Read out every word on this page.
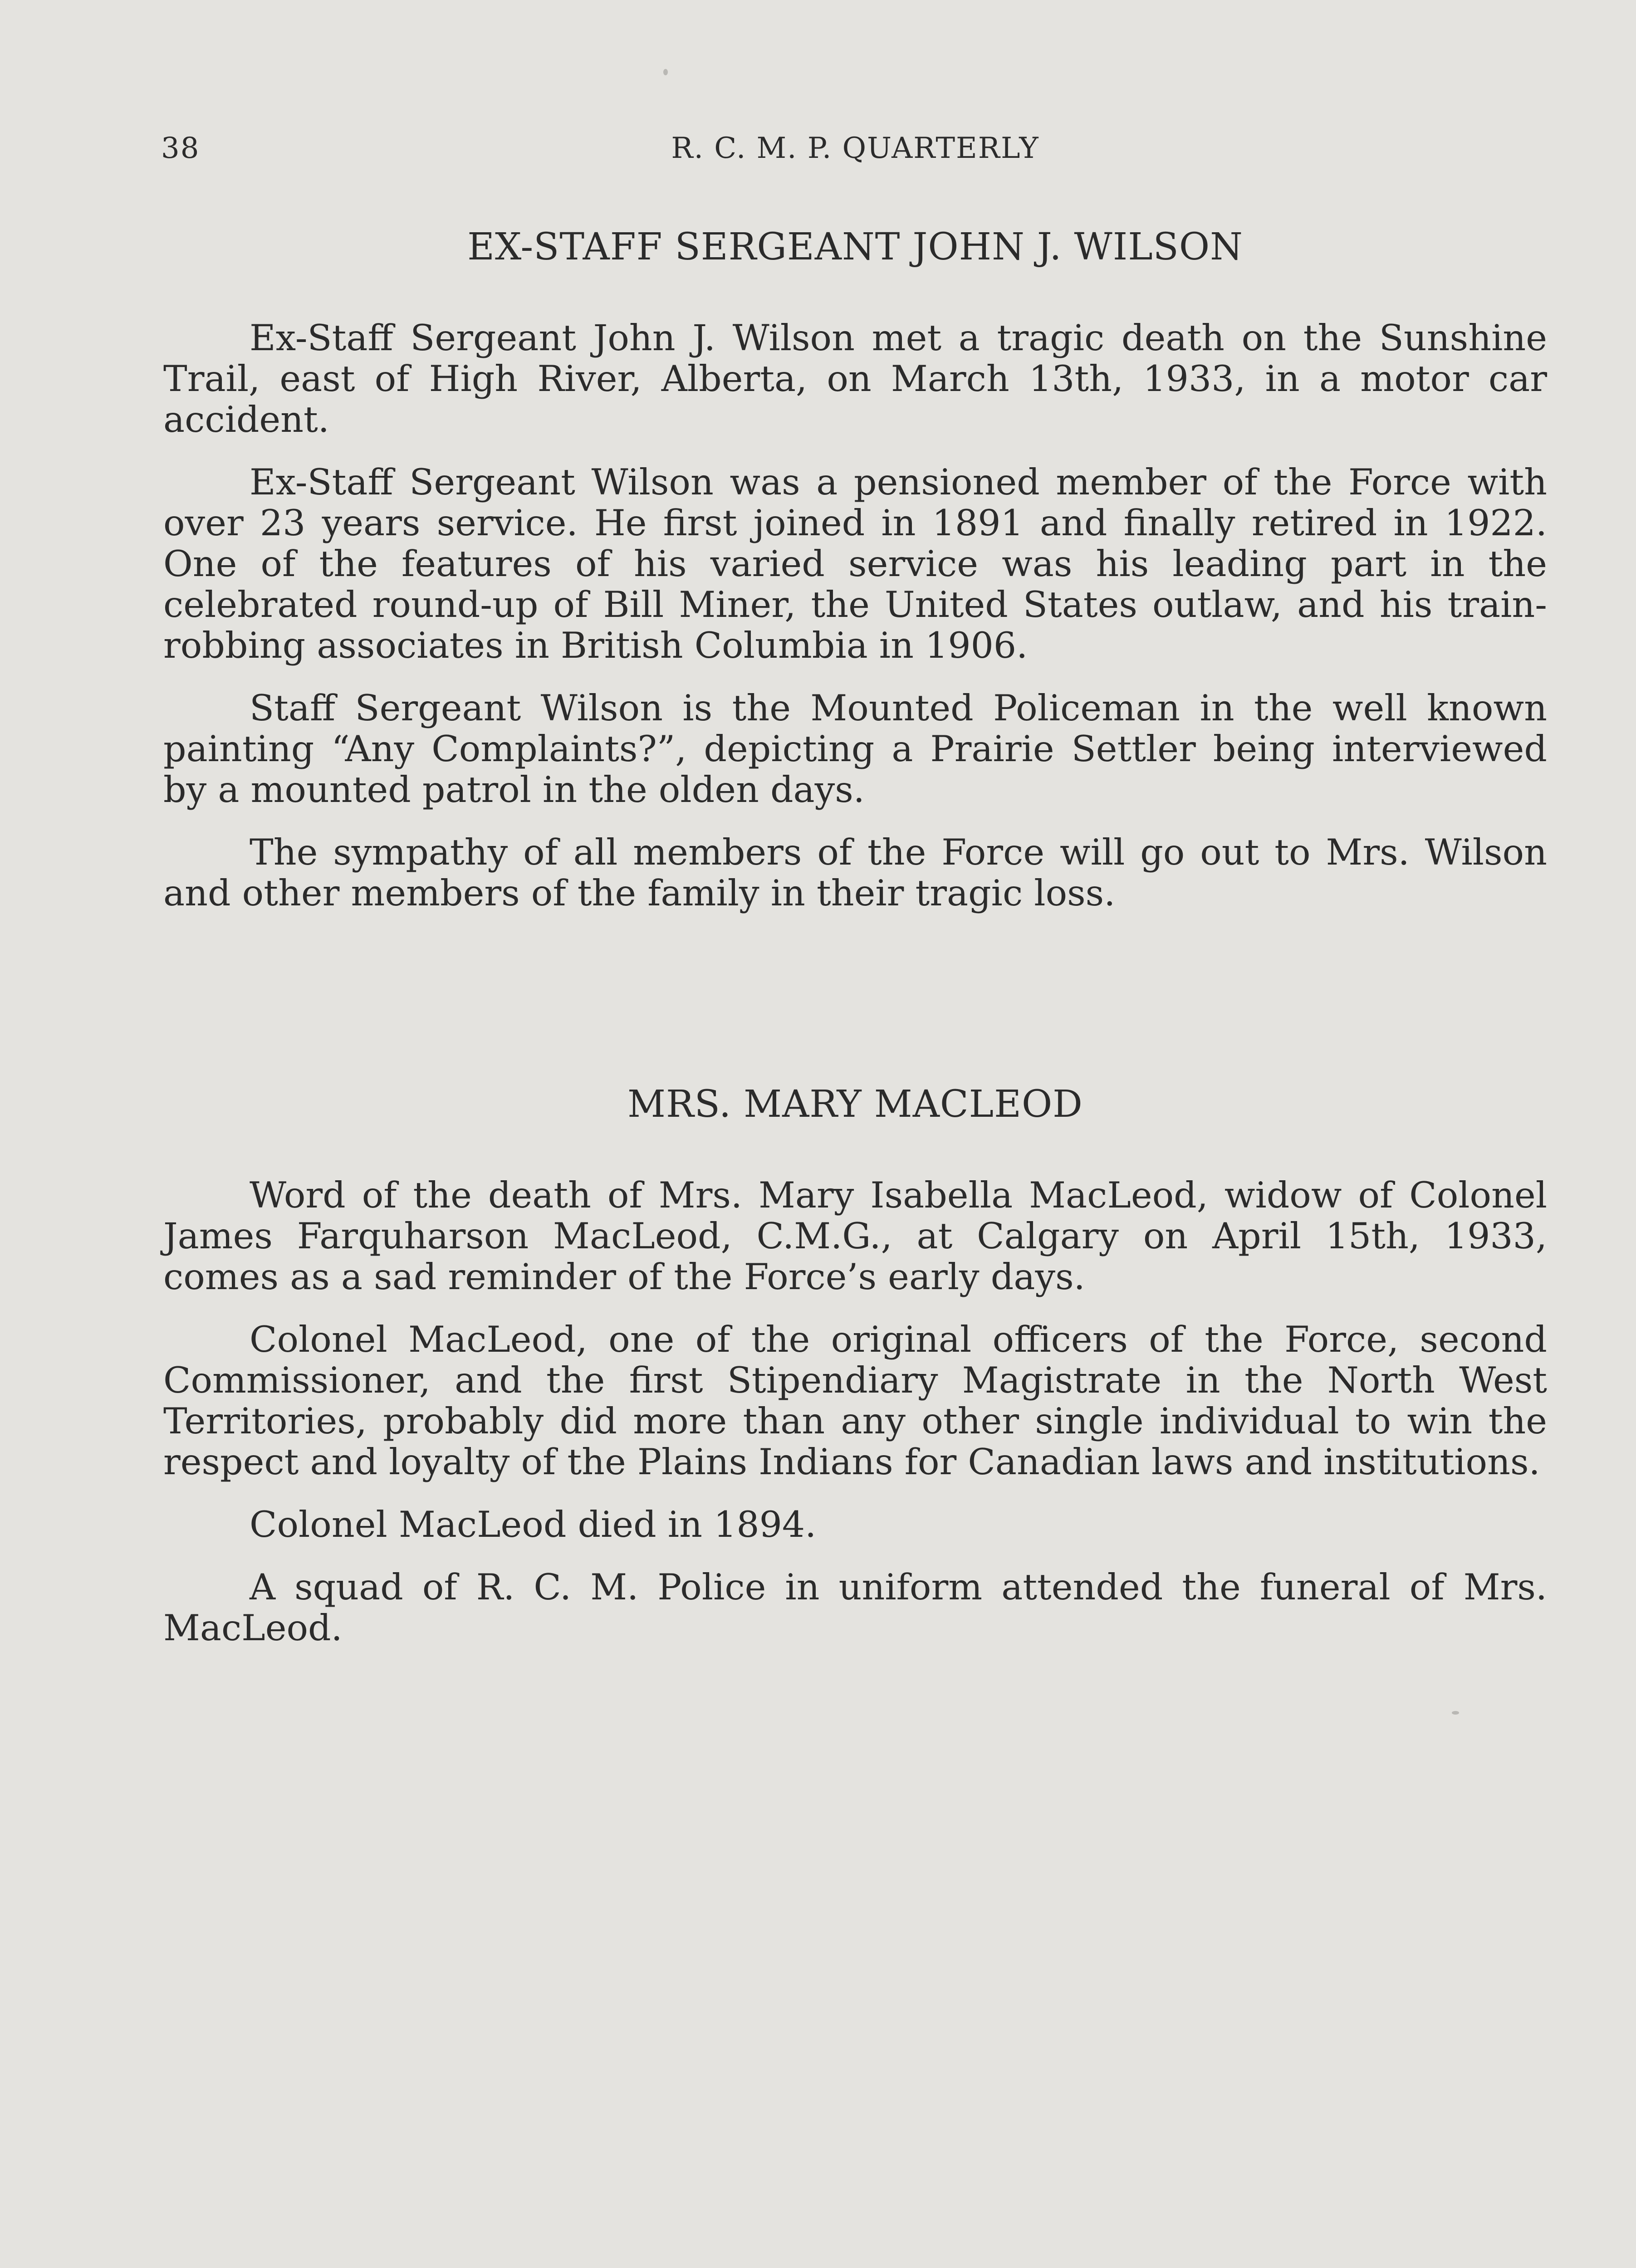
38	R. C. M. P. QUARTERLY
EX-STAFF SERGEANT JOHN J. WILSON

Ex-Staff Sergeant John J. Wilson met a tragic death on the Sunshine Trail, east of High River, Alberta, on March 13th, 1933, in a motor car accident.

Ex-Staff Sergeant Wilson was a pensioned member of the Force with over 23 years service. He first joined in 1891 and finally retired in 1922. One of the features of his varied service was his leading part in the celebrated round-up of Bill Miner, the United States outlaw, and his train-robbing associates in British Columbia in 1906.

Staff Sergeant Wilson is the Mounted Policeman in the well known painting “Any Complaints?”, depicting a Prairie Settler being interviewed by a mounted patrol in the olden days.

The sympathy of all members of the Force will go out to Mrs. Wilson and other members of the family in their tragic loss.

MRS. MARY MACLEOD

Word of the death of Mrs. Mary Isabella MacLeod, widow of Colonel James Farquharson MacLeod, C.M.G., at Calgary on April 15th, 1933, comes as a sad reminder of the Force’s early days.

Colonel MacLeod, one of the original officers of the Force, second Commissioner, and the first Stipendiary Magistrate in the North West Territories, probably did more than any other single individual to win the respect and loyalty of the Plains Indians for Canadian laws and institutions.

Colonel MacLeod died in 1894.

A squad of R. C. M. Police in uniform attended the funeral of Mrs. MacLeod.
